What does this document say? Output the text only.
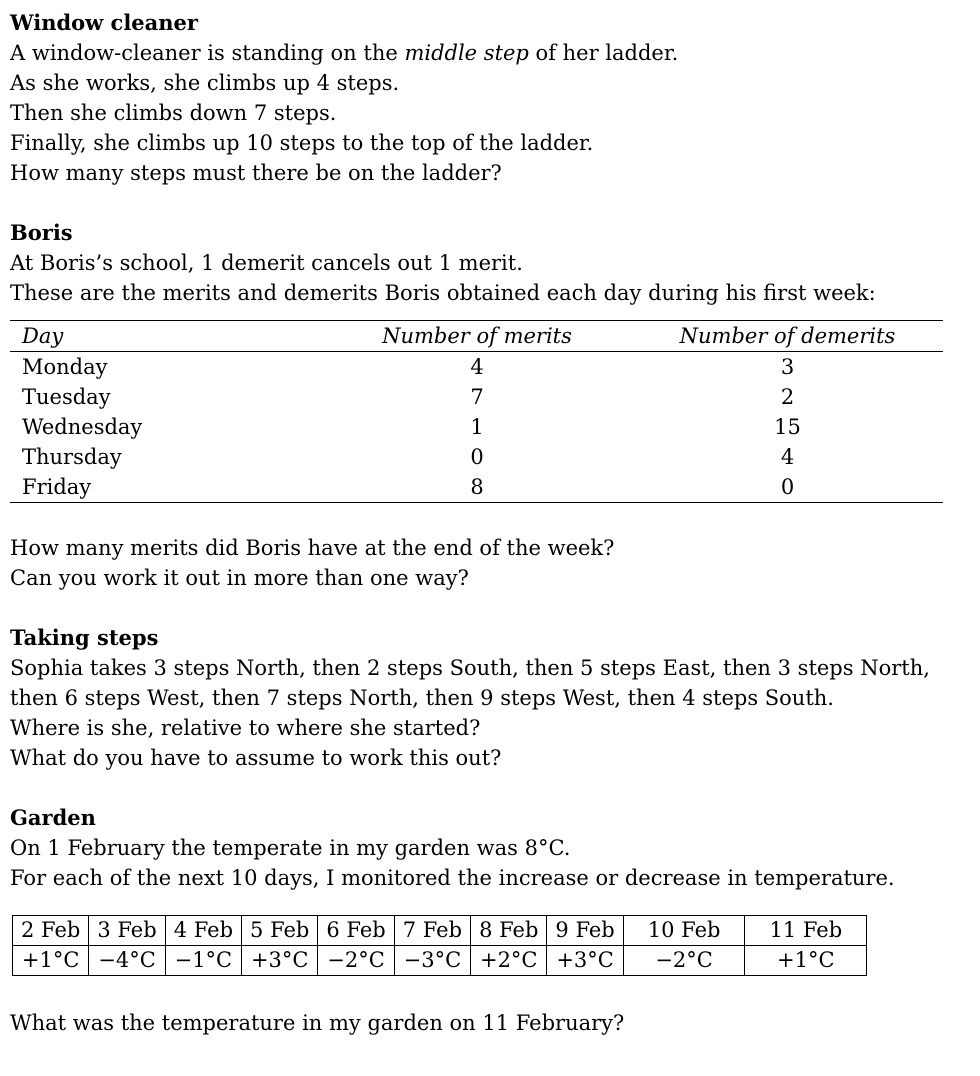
Window cleaner

A window-cleaner is standing on the middle step of her ladder.

As she works, she climbs up 4 steps.

Then she climbs down 7 steps.

Finally, she climbs up 10 steps to the top of the ladder.

How many steps must there be on the ladder?

Boris

At Boris’s school, 1 demerit cancels out 1 merit.

These are the merits and demerits Boris obtained each day during his first week:

Day	Number of merits	Number of demerits
Monday	4	3
Tuesday	7	2
Wednesday	1	15
Thursday	0	4
Friday	8	0

How many merits did Boris have at the end of the week?

Can you work it out in more than one way?

Taking steps

Sophia takes 3 steps North, then 2 steps South, then 5 steps East, then 3 steps North,

then 6 steps West, then 7 steps North, then 9 steps West, then 4 steps South.

Where is she, relative to where she started?

What do you have to assume to work this out?

Garden

On 1 February the temperate in my garden was 8°C.

For each of the next 10 days, I monitored the increase or decrease in temperature.

2 Feb	3 Feb	4 Feb	5 Feb	6 Feb	7 Feb	8 Feb	9 Feb	10 Feb	11 Feb
+1°C	−4°C	−1°C	+3°C	−2°C	−3°C	+2°C	+3°C	−2°C	+1°C

What was the temperature in my garden on 11 February?
